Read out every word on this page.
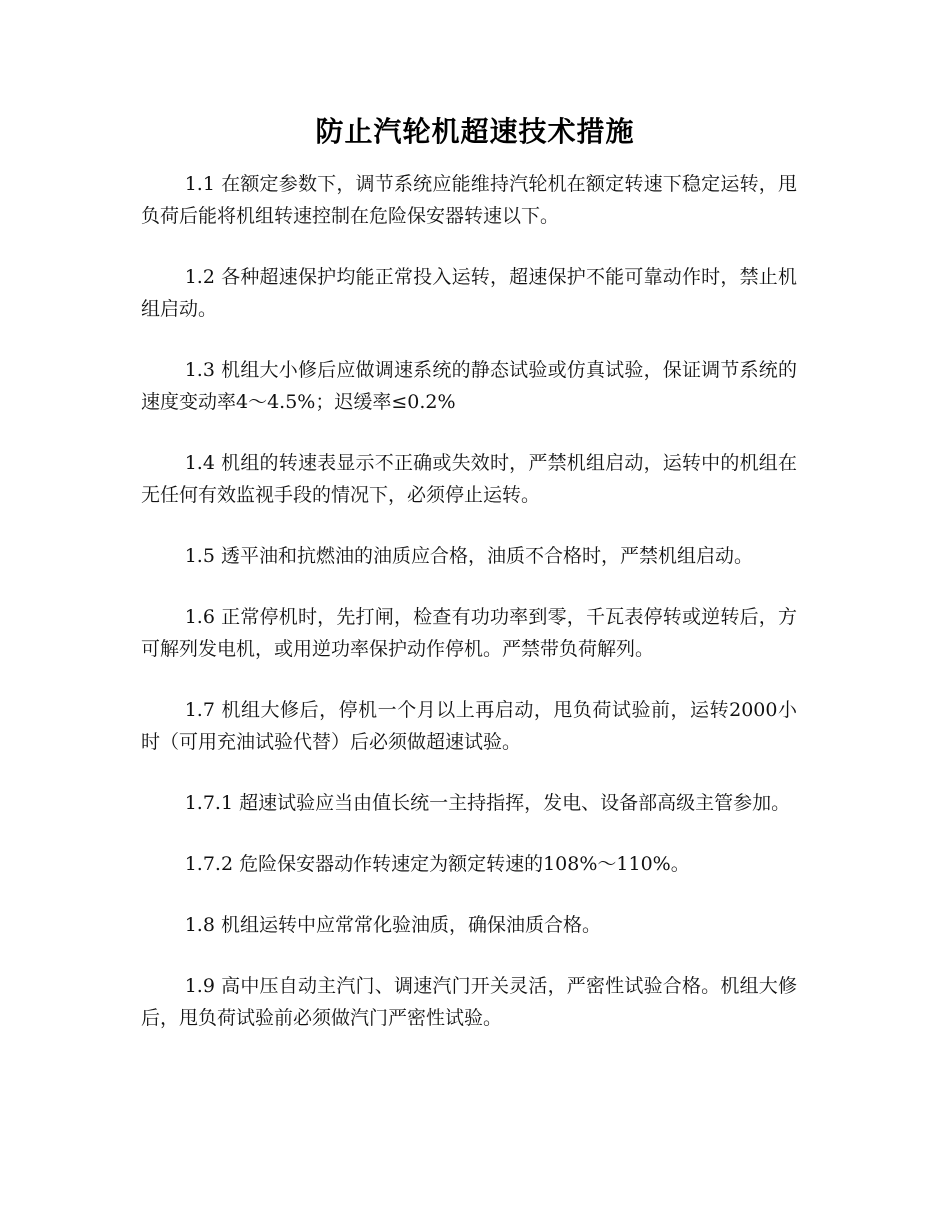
防止汽轮机超速技术措施

1.1 在额定参数下，调节系统应能维持汽轮机在额定转速下稳定运转，甩负荷后能将机组转速控制在危险保安器转速以下。

1.2 各种超速保护均能正常投入运转，超速保护不能可靠动作时，禁止机组启动。

1.3 机组大小修后应做调速系统的静态试验或仿真试验，保证调节系统的速度变动率4～4.5%；迟缓率≤0.2%

1.4 机组的转速表显示不正确或失效时，严禁机组启动，运转中的机组在无任何有效监视手段的情况下，必须停止运转。

1.5 透平油和抗燃油的油质应合格，油质不合格时，严禁机组启动。

1.6 正常停机时，先打闸，检查有功功率到零，千瓦表停转或逆转后，方可解列发电机，或用逆功率保护动作停机。严禁带负荷解列。

1.7 机组大修后，停机一个月以上再启动，甩负荷试验前，运转2000小时（可用充油试验代替）后必须做超速试验。

1.7.1 超速试验应当由值长统一主持指挥，发电、设备部高级主管参加。

1.7.2 危险保安器动作转速定为额定转速的108%～110%。

1.8 机组运转中应常常化验油质，确保油质合格。

1.9 高中压自动主汽门、调速汽门开关灵活，严密性试验合格。机组大修后，甩负荷试验前必须做汽门严密性试验。
